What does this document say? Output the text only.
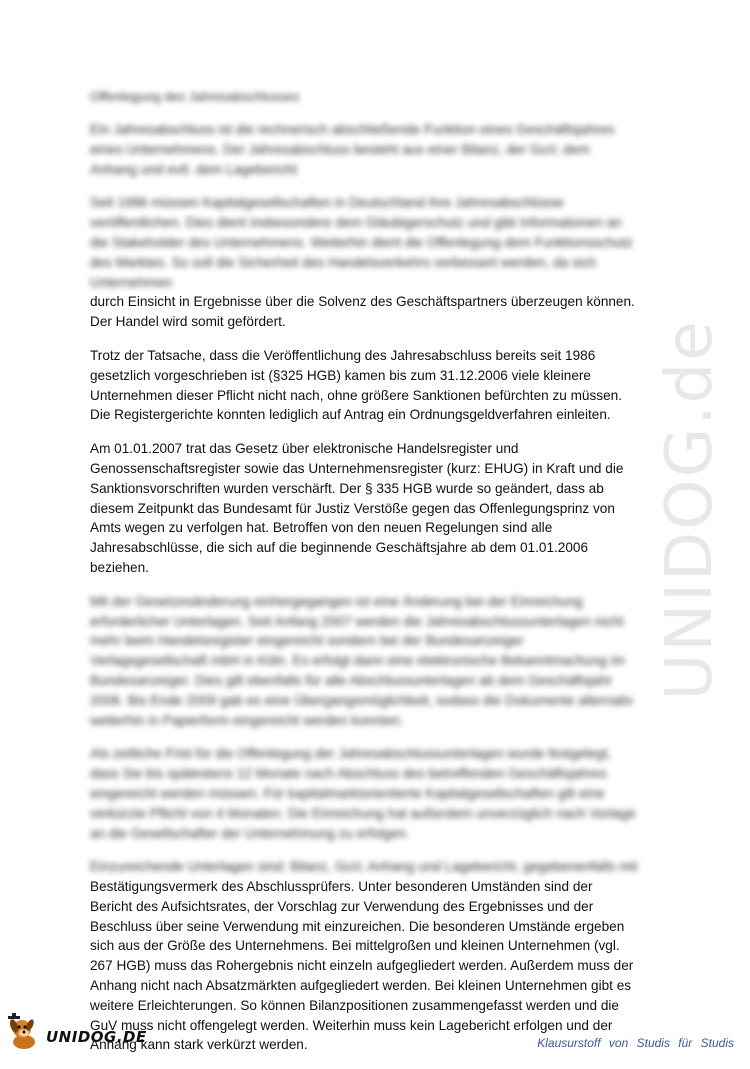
UNIDOG.de
Offenlegung des Jahresabschlusses

Ein Jahresabschluss ist die rechnerisch abschließende Funktion eines Geschäftsjahres eines Unternehmens. Der Jahresabschluss besteht aus einer Bilanz, der GuV, dem Anhang und evtl. dem Lagebericht

Seit 1986 müssen Kapitalgesellschaften in Deutschland ihre Jahresabschlüsse veröffentlichen. Dies dient insbesondere dem Gläubigerschutz und gibt Informationen an die Stakeholder des Unternehmens. Weiterhin dient die Offenlegung dem Funktionsschutz des Marktes. So soll die Sicherheit des Handelsverkehrs verbessert werden, da sich Unternehmen

durch Einsicht in Ergebnisse über die Solvenz des Geschäftspartners überzeugen können. Der Handel wird somit gefördert.

Trotz der Tatsache, dass die Veröffentlichung des Jahresabschluss bereits seit 1986 gesetzlich vorgeschrieben ist (§325 HGB) kamen bis zum 31.12.2006 viele kleinere Unternehmen dieser Pflicht nicht nach, ohne größere Sanktionen befürchten zu müssen. Die Registergerichte konnten lediglich auf Antrag ein Ordnungsgeldverfahren einleiten.

Am 01.01.2007 trat das Gesetz über elektronische Handelsregister und Genossenschaftsregister sowie das Unternehmensregister (kurz: EHUG) in Kraft und die Sanktionsvorschriften wurden verschärft. Der § 335 HGB wurde so geändert, dass ab diesem Zeitpunkt das Bundesamt für Justiz Verstöße gegen das Offenlegungsprinz von Amts wegen zu verfolgen hat. Betroffen von den neuen Regelungen sind alle Jahresabschlüsse, die sich auf die beginnende Geschäftsjahre ab dem 01.01.2006 beziehen.

Mit der Gesetzesänderung einhergegangen ist eine Änderung bei der Einreichung erforderlicher Unterlagen. Seit Anfang 2007 werden die Jahresabschlussunterlagen nicht mehr beim Handelsregister eingereicht sondern bei der Bundesanzeiger Verlagsgesellschaft mbH in Köln. Es erfolgt dann eine elektronische Bekanntmachung im Bundesanzeiger. Dies gilt ebenfalls für alle Abschlussunterlagen ab dem Geschäftsjahr 2006. Bis Ende 2009 gab es eine Übergangsmöglichkeit, sodass die Dokumente alternativ weiterhin in Papierform eingereicht werden konnten.

Als zeitliche Frist für die Offenlegung der Jahresabschlussunterlagen wurde festgelegt, dass Sie bis spätestens 12 Monate nach Abschluss des betreffenden Geschäftsjahres eingereicht werden müssen. Für kapitalmarktorientierte Kapitalgesellschaften gilt eine verkürzte Pflicht von 4 Monaten. Die Einreichung hat außerdem unverzüglich nach Vorlage an die Gesellschafter der Unternehmung zu erfolgen.

Einzureichende Unterlagen sind: Bilanz, GuV, Anhang und Lagebericht, gegebenenfalls mit

Bestätigungsvermerk des Abschlussprüfers. Unter besonderen Umständen sind der Bericht des Aufsichtsrates, der Vorschlag zur Verwendung des Ergebnisses und der Beschluss über seine Verwendung mit einzureichen. Die besonderen Umstände ergeben sich aus der Größe des Unternehmens. Bei mittelgroßen und kleinen Unternehmen (vgl. 267 HGB) muss das Rohergebnis nicht einzeln aufgegliedert werden. Außerdem muss der Anhang nicht nach Absatzmärkten aufgegliedert werden. Bei kleinen Unternehmen gibt es weitere Erleichterungen. So können Bilanzpositionen zusammengefasst werden und die GuV muss nicht offengelegt werden. Weiterhin muss kein Lagebericht erfolgen und der Anhang kann stark verkürzt werden.

UNIDOG.DE	Klausurstoff von Studis für Studis
